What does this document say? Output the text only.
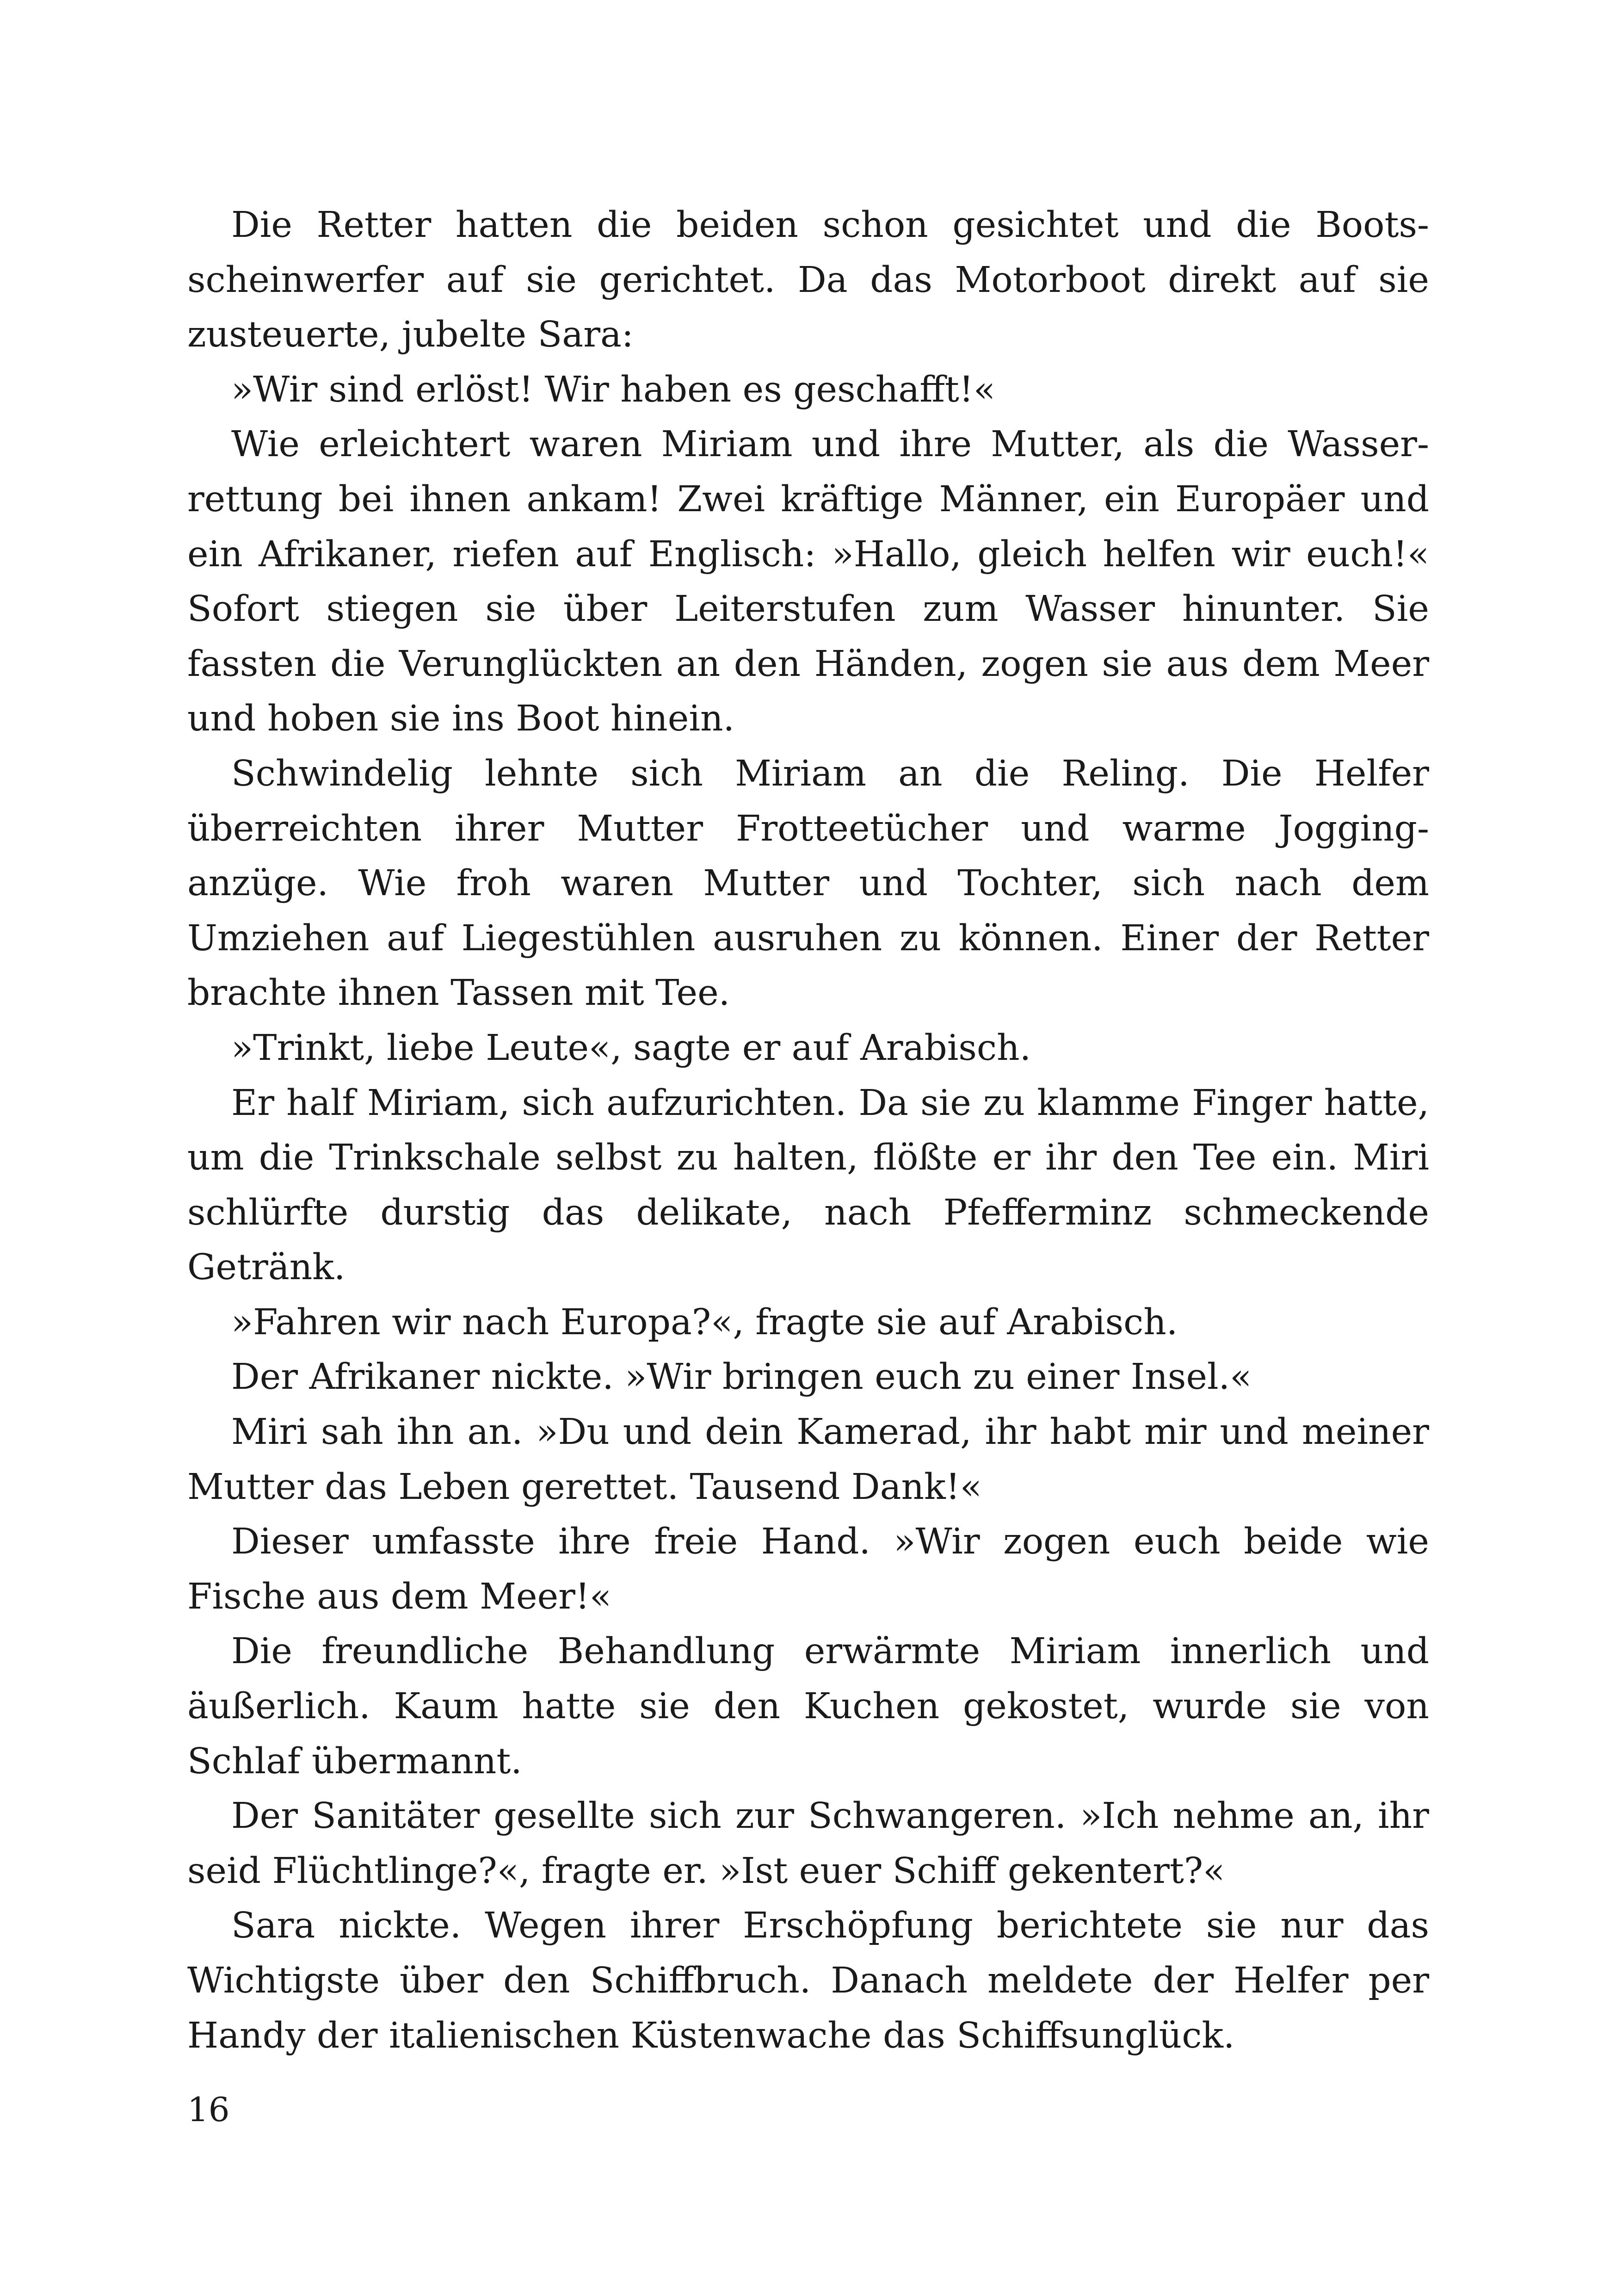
Die Retter hatten die beiden schon gesichtet und die Bootsscheinwerfer auf sie gerichtet. Da das Motorboot direkt auf sie zusteuerte, jubelte Sara:

»Wir sind erlöst! Wir haben es geschafft!«

Wie erleichtert waren Miriam und ihre Mutter, als die Wasserrettung bei ihnen ankam! Zwei kräftige Männer, ein Europäer und ein Afrikaner, riefen auf Englisch: »Hallo, gleich helfen wir euch!« Sofort stiegen sie über Leiterstufen zum Wasser hinunter. Sie fassten die Verunglückten an den Händen, zogen sie aus dem Meer und hoben sie ins Boot hinein.

Schwindelig lehnte sich Miriam an die Reling. Die Helfer überreichten ihrer Mutter Frotteetücher und warme Jogginganzüge. Wie froh waren Mutter und Tochter, sich nach dem Umziehen auf Liegestühlen ausruhen zu können. Einer der Retter brachte ihnen Tassen mit Tee.

»Trinkt, liebe Leute«, sagte er auf Arabisch.

Er half Miriam, sich aufzurichten. Da sie zu klamme Finger hatte, um die Trinkschale selbst zu halten, flößte er ihr den Tee ein. Miri schlürfte durstig das delikate, nach Pfefferminz schmeckende Getränk.

»Fahren wir nach Europa?«, fragte sie auf Arabisch.

Der Afrikaner nickte. »Wir bringen euch zu einer Insel.«

Miri sah ihn an. »Du und dein Kamerad, ihr habt mir und meiner Mutter das Leben gerettet. Tausend Dank!«

Dieser umfasste ihre freie Hand. »Wir zogen euch beide wie Fische aus dem Meer!«

Die freundliche Behandlung erwärmte Miriam innerlich und äußerlich. Kaum hatte sie den Kuchen gekostet, wurde sie von Schlaf übermannt.

Der Sanitäter gesellte sich zur Schwangeren. »Ich nehme an, ihr seid Flüchtlinge?«, fragte er. »Ist euer Schiff gekentert?«

Sara nickte. Wegen ihrer Erschöpfung berichtete sie nur das Wichtigste über den Schiffbruch. Danach meldete der Helfer per Handy der italienischen Küstenwache das Schiffsunglück.

16
